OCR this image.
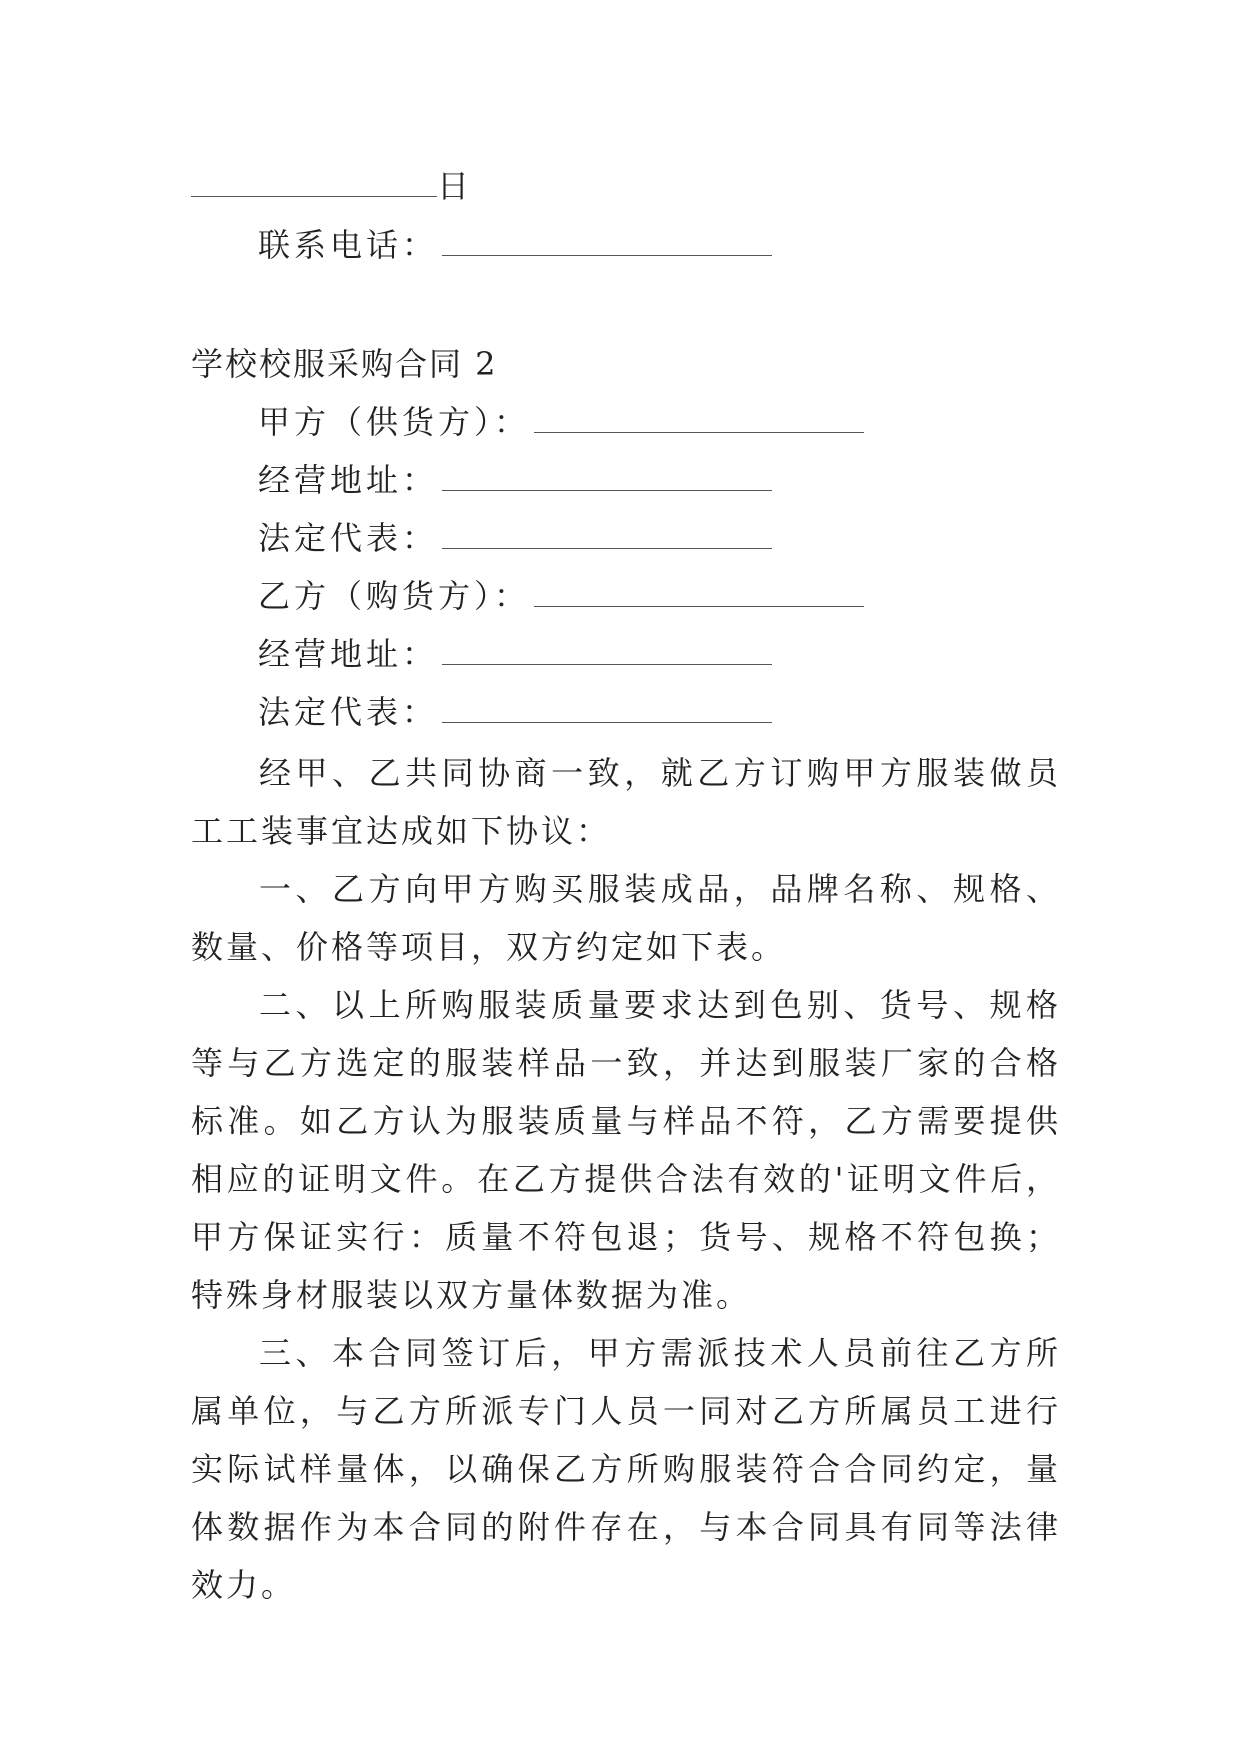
日
联系电话：
学校校服采购合同 2
甲方（供货方）：
经营地址：
法定代表：
乙方（购货方）：
经营地址：
法定代表：
经甲、乙共同协商一致，就乙方订购甲方服装做员工工装事宜达成如下协议：
一、乙方向甲方购买服装成品，品牌名称、规格、数量、价格等项目，双方约定如下表。
二、以上所购服装质量要求达到色别、货号、规格等与乙方选定的服装样品一致，并达到服装厂家的合格标准。如乙方认为服装质量与样品不符，乙方需要提供相应的证明文件。在乙方提供合法有效的'证明文件后，甲方保证实行：质量不符包退；货号、规格不符包换；特殊身材服装以双方量体数据为准。
三、本合同签订后，甲方需派技术人员前往乙方所属单位，与乙方所派专门人员一同对乙方所属员工进行实际试样量体，以确保乙方所购服装符合合同约定，量体数据作为本合同的附件存在，与本合同具有同等法律效力。
